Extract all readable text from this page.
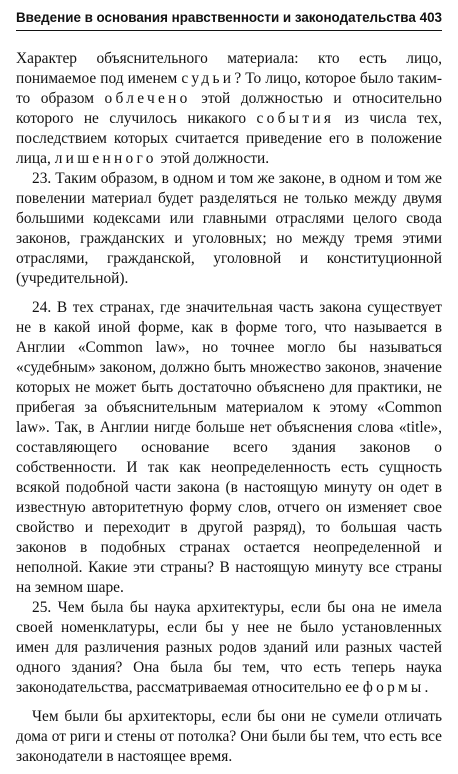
Введение в основания нравственности и законодательства 403

Характер объяснительного материала: кто есть лицо, понимаемое под именем судьи? То лицо, которое было таким-то образом облечено этой должностью и относительно которого не случилось никакого события из числа тех, последствием которых считается приведение его в положение лица, лишенного этой должности.

23. Таким образом, в одном и том же законе, в одном и том же повелении материал будет разделяться не только между двумя большими кодексами или главными отраслями целого свода законов, гражданских и уголовных; но между тремя этими отраслями, гражданской, уголовной и конституционной (учредительной).

24. В тех странах, где значительная часть закона существует не в какой иной форме, как в форме того, что называется в Англии «Common law», но точнее могло бы называться «судебным» законом, должно быть множество законов, значение которых не может быть достаточно объяснено для практики, не прибегая за объяснительным материалом к этому «Common law». Так, в Англии нигде больше нет объяснения слова «title», составляющего основание всего здания законов о собственности. И так как неопределенность есть сущность всякой подобной части закона (в настоящую минуту он одет в известную авторитетную форму слов, отчего он изменяет свое свойство и переходит в другой разряд), то большая часть законов в подобных странах остается неопределенной и неполной. Какие эти страны? В настоящую минуту все страны на земном шаре.

25. Чем была бы наука архитектуры, если бы она не имела своей номенклатуры, если бы у нее не было установленных имен для различения разных родов зданий или разных частей одного здания? Она была бы тем, что есть теперь наука законодательства, рассматриваемая относительно ее формы.

Чем были бы архитекторы, если бы они не сумели отличать дома от риги и стены от потолка? Они были бы тем, что есть все законодатели в настоящее время.
